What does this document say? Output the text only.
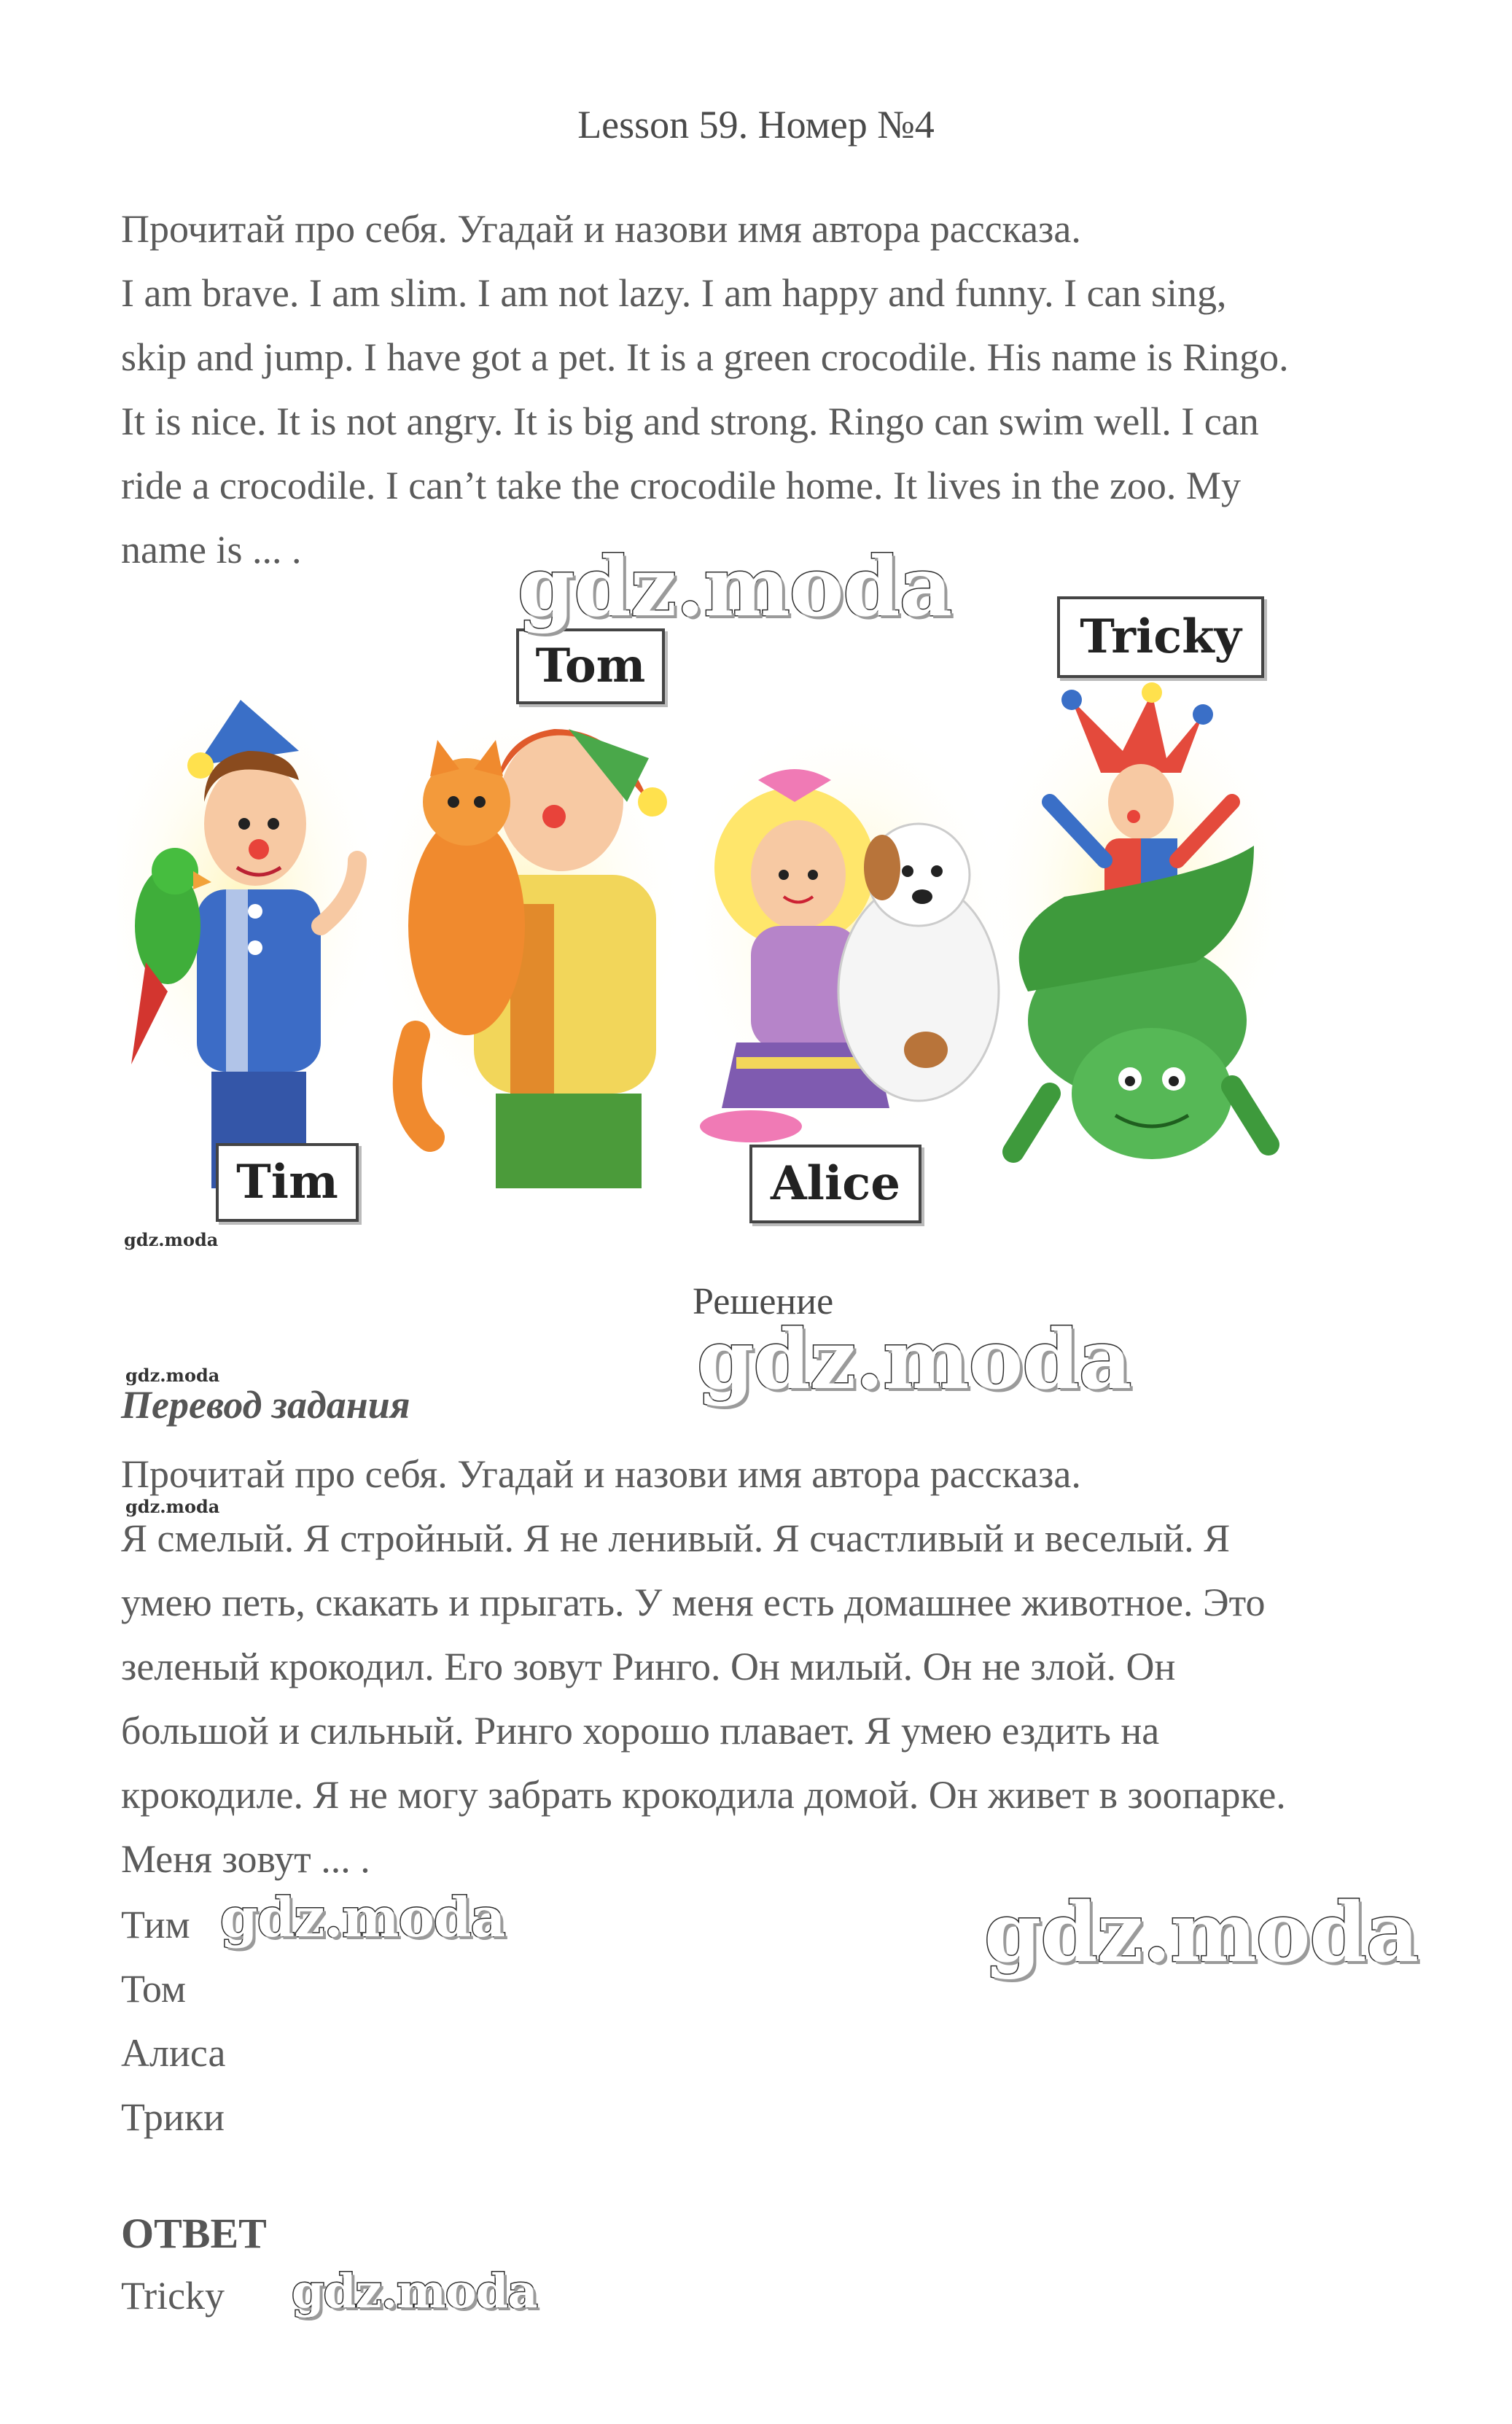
Lesson 59. Номер №4
Прочитай про себя. Угадай и назови имя автора рассказа.
I am brave. I am slim. I am not lazy. I am happy and funny. I can sing,
skip and jump. I have got a pet. It is a green crocodile. His name is Ringo.
It is nice. It is not angry. It is big and strong. Ringo can swim well. I can
ride a crocodile. I can’t take the crocodile home. It lives in the zoo. My
name is ... .
Tom
Tricky
Tim	Alice
gdz.moda
gdz.moda
gdz.moda
gdz.moda
gdz.moda
gdz.moda	gdz.moda
gdz.moda
Решение
Перевод задания
Прочитай про себя. Угадай и назови имя автора рассказа.
Я смелый. Я стройный. Я не ленивый. Я счастливый и веселый. Я
умею петь, скакать и прыгать. У меня есть домашнее животное. Это
зеленый крокодил. Его зовут Ринго. Он милый. Он не злой. Он
большой и сильный. Ринго хорошо плавает. Я умею ездить на
крокодиле. Я не могу забрать крокодила домой. Он живет в зоопарке.
Меня зовут ... .
Тим
Том
Алиса
Трики
ОТВЕТ
Tricky
